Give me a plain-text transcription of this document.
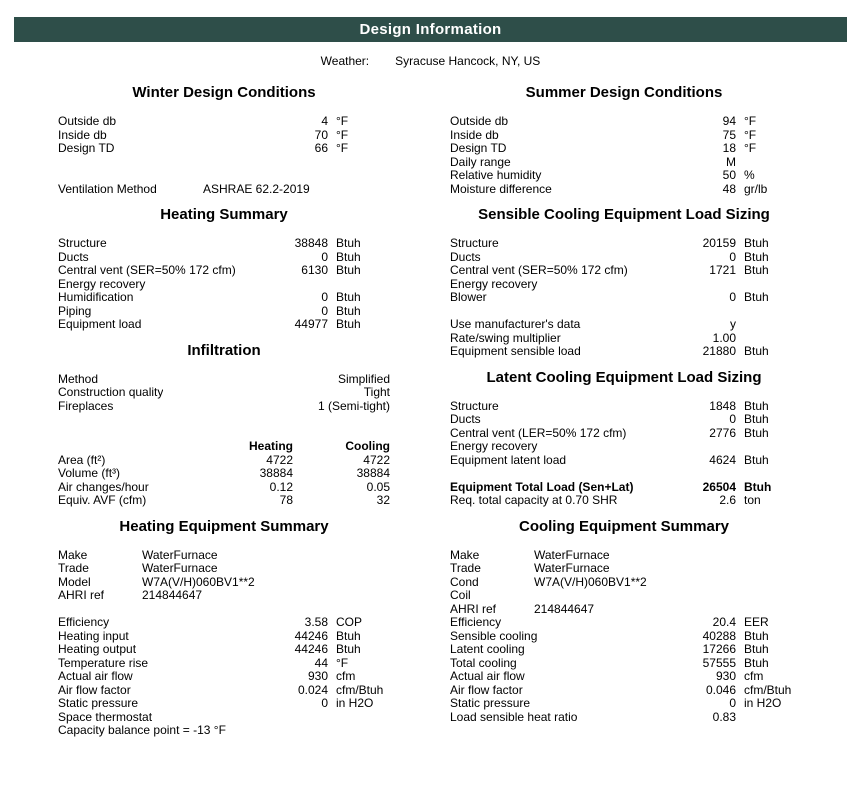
Design Information
Weather: Syracuse Hancock, NY, US
Winter Design Conditions
Outside db	4 °F
Inside db	70 °F
Design TD	66 °F
Ventilation Method	ASHRAE 62.2-2019
Heating Summary
Structure	38848 Btuh
Ducts	0 Btuh
Central vent (SER=50% 172 cfm)	6130 Btuh
Energy recovery
Humidification	0 Btuh
Piping	0 Btuh
Equipment load	44977 Btuh
Infiltration
Method	Simplified
Construction quality	Tight
Fireplaces	1 (Semi-tight)
Heating	Cooling
Area (ft²)	4722	4722
Volume (ft³)	38884	38884
Air changes/hour	0.12	0.05
Equiv. AVF (cfm)	78	32
Heating Equipment Summary
Make	WaterFurnace
Trade	WaterFurnace
Model	W7A(V/H)060BV1**2
AHRI ref	214844647
Efficiency	3.58 COP
Heating input	44246 Btuh
Heating output	44246 Btuh
Temperature rise	44 °F
Actual air flow	930 cfm
Air flow factor	0.024 cfm/Btuh
Static pressure	0 in H2O
Space thermostat
Capacity balance point = -13 °F
Summer Design Conditions
Outside db	94 °F
Inside db	75 °F
Design TD	18 °F
Daily range	M
Relative humidity	50 %
Moisture difference	48 gr/lb
Sensible Cooling Equipment Load Sizing
Structure	20159 Btuh
Ducts	0 Btuh
Central vent (SER=50% 172 cfm)	1721 Btuh
Energy recovery
Blower	0 Btuh
Use manufacturer's data	y
Rate/swing multiplier	1.00
Equipment sensible load	21880 Btuh
Latent Cooling Equipment Load Sizing
Structure	1848 Btuh
Ducts	0 Btuh
Central vent (LER=50% 172 cfm)	2776 Btuh
Energy recovery
Equipment latent load	4624 Btuh
Equipment Total Load (Sen+Lat)	26504 Btuh
Req. total capacity at 0.70 SHR	2.6 ton
Cooling Equipment Summary
Make	WaterFurnace
Trade	WaterFurnace
Cond	W7A(V/H)060BV1**2
Coil
AHRI ref	214844647
Efficiency	20.4 EER
Sensible cooling	40288 Btuh
Latent cooling	17266 Btuh
Total cooling	57555 Btuh
Actual air flow	930 cfm
Air flow factor	0.046 cfm/Btuh
Static pressure	0 in H2O
Load sensible heat ratio	0.83
